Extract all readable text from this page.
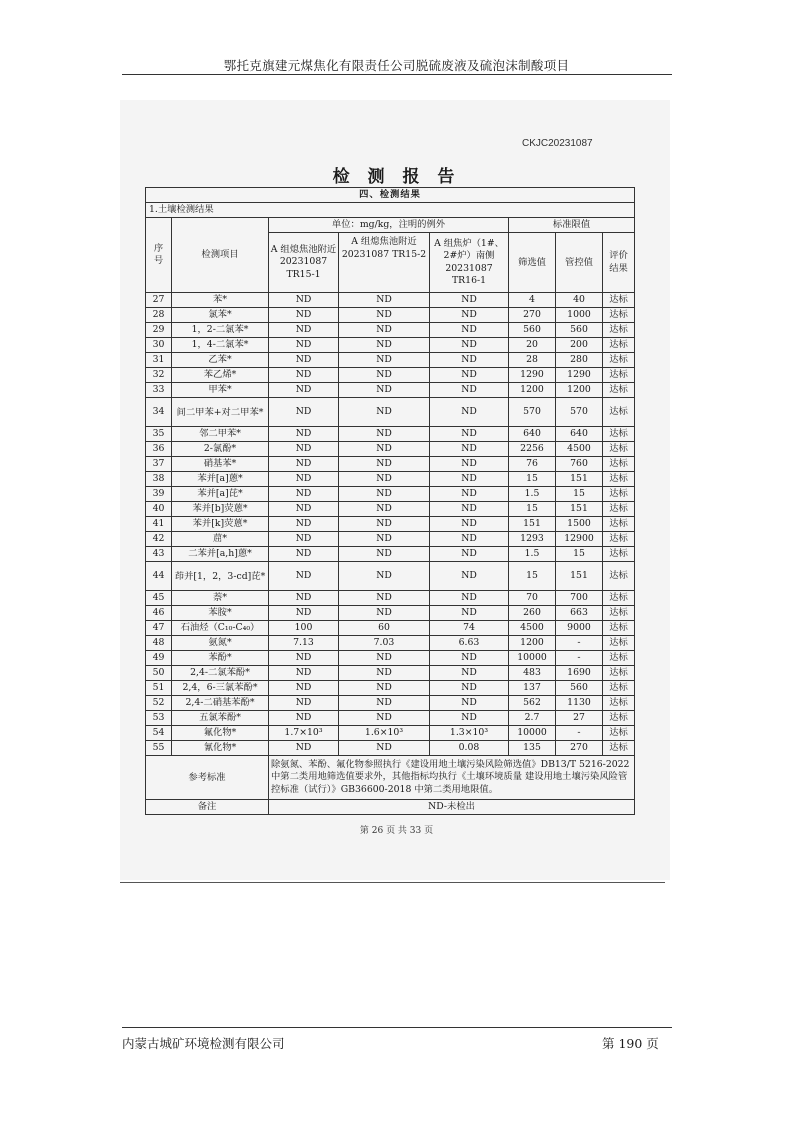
鄂托克旗建元煤焦化有限责任公司脱硫废液及硫泡沫制酸项目
CKJC20231087
检 测 报 告
四、检测结果							
1.土壤检测结果							
序号	检测项目	单位：mg/kg，注明的例外			标准限值		
		A 组熄焦池附近 20231087 TR15-1	A 组熄焦池附近 20231087 TR15-2	A 组焦炉（1#、2#炉）南侧 20231087 TR16-1	筛选值	管控值	评价结果
27	苯*	ND	ND	ND	4	40	达标
28	氯苯*	ND	ND	ND	270	1000	达标
29	1，2-二氯苯*	ND	ND	ND	560	560	达标
30	1，4-二氯苯*	ND	ND	ND	20	200	达标
31	乙苯*	ND	ND	ND	28	280	达标
32	苯乙烯*	ND	ND	ND	1290	1290	达标
33	甲苯*	ND	ND	ND	1200	1200	达标
34	间二甲苯+对二甲苯*	ND	ND	ND	570	570	达标
35	邻二甲苯*	ND	ND	ND	640	640	达标
36	2-氯酚*	ND	ND	ND	2256	4500	达标
37	硝基苯*	ND	ND	ND	76	760	达标
38	苯并[a]蒽*	ND	ND	ND	15	151	达标
39	苯并[a]芘*	ND	ND	ND	1.5	15	达标
40	苯并[b]荧蒽*	ND	ND	ND	15	151	达标
41	苯并[k]荧蒽*	ND	ND	ND	151	1500	达标
42	䓛*	ND	ND	ND	1293	12900	达标
43	二苯并[a,h]蒽*	ND	ND	ND	1.5	15	达标
44	茚并[1，2，3-cd]芘*	ND	ND	ND	15	151	达标
45	萘*	ND	ND	ND	70	700	达标
46	苯胺*	ND	ND	ND	260	663	达标
47	石油烃（C₁₀-C₄₀）	100	60	74	4500	9000	达标
48	氨氮*	7.13	7.03	6.63	1200	-	达标
49	苯酚*	ND	ND	ND	10000	-	达标
50	2,4-二氯苯酚*	ND	ND	ND	483	1690	达标
51	2,4，6-三氯苯酚*	ND	ND	ND	137	560	达标
52	2,4-二硝基苯酚*	ND	ND	ND	562	1130	达标
53	五氯苯酚*	ND	ND	ND	2.7	27	达标
54	氟化物*	1.7×10³	1.6×10³	1.3×10³	10000	-	达标
55	氰化物*	ND	ND	0.08	135	270	达标
参考标准		除氨氮、苯酚、氟化物参照执行《建设用地土壤污染风险筛选值》DB13/T 5216-2022 中第二类用地筛选值要求外，其他指标均执行《土壤环境质量 建设用地土壤污染风险管控标准（试行）》GB36600-2018 中第二类用地限值。					
备注		ND-未检出					
第 26 页 共 33 页
内蒙古城矿环境检测有限公司	第 190 页
